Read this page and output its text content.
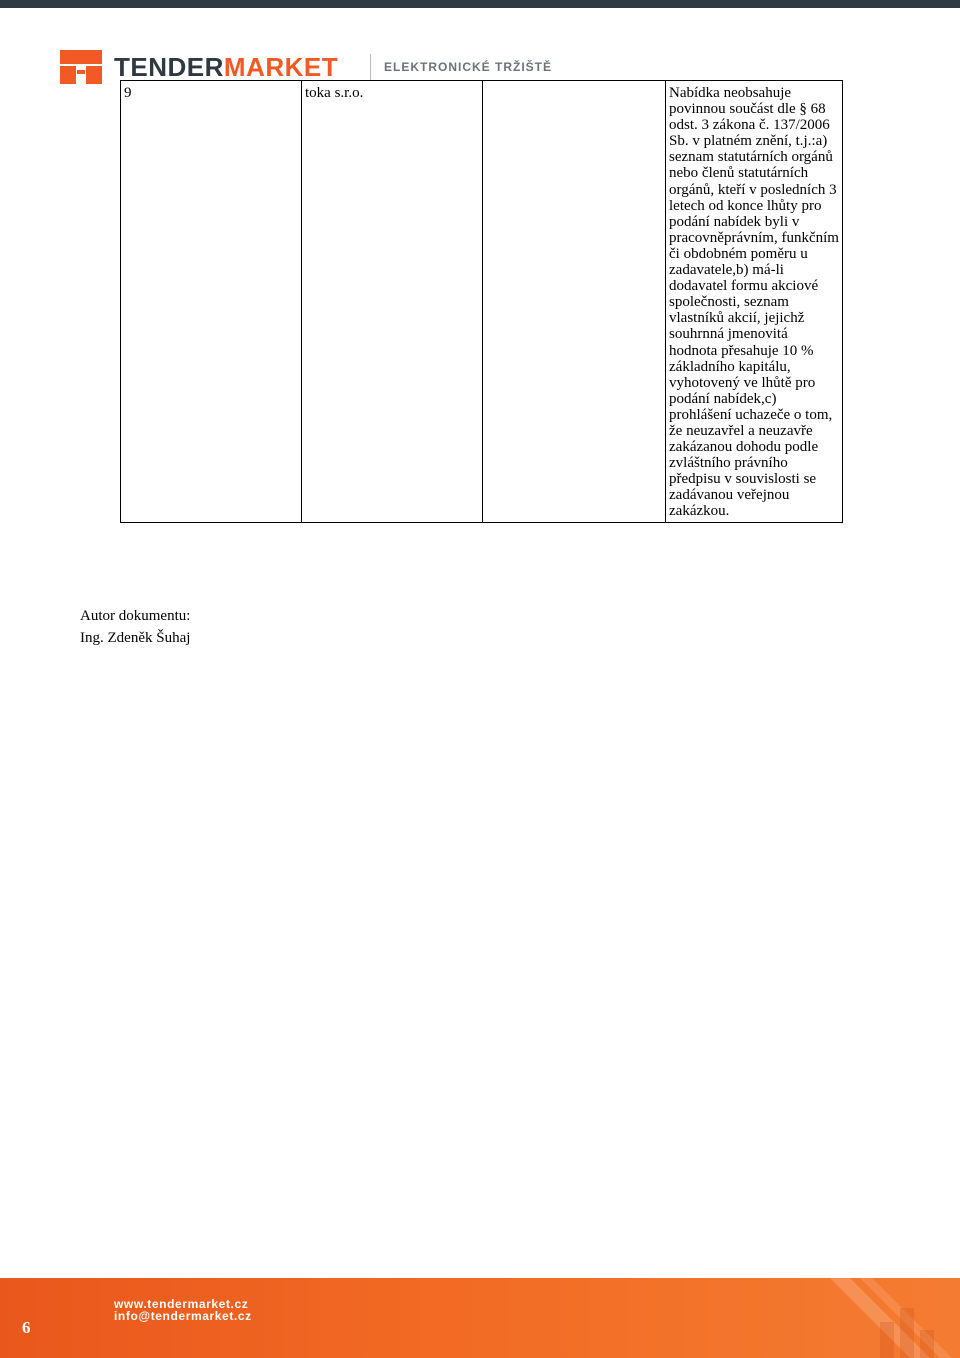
TENDERMARKET	ELEKTRONICKÉ TRŽIŠTĚ
9	toka s.r.o.		Nabídka neobsahuje povinnou součást dle § 68 odst. 3 zákona č. 137/2006 Sb. v platném znění, t.j.:a) seznam statutárních orgánů nebo členů statutárních orgánů, kteří v posledních 3 letech od konce lhůty pro podání nabídek byli v pracovněprávním, funkčním či obdobném poměru u zadavatele,b) má-li dodavatel formu akciové společnosti, seznam vlastníků akcií, jejichž souhrnná jmenovitá hodnota přesahuje 10 % základního kapitálu, vyhotovený ve lhůtě pro podání nabídek,c) prohlášení uchazeče o tom, že neuzavřel a neuzavře zakázanou dohodu podle zvláštního právního předpisu v souvislosti se zadávanou veřejnou zakázkou.
Autor dokumentu:
Ing. Zdeněk Šuhaj
6
www.tendermarket.cz
info@tendermarket.cz
